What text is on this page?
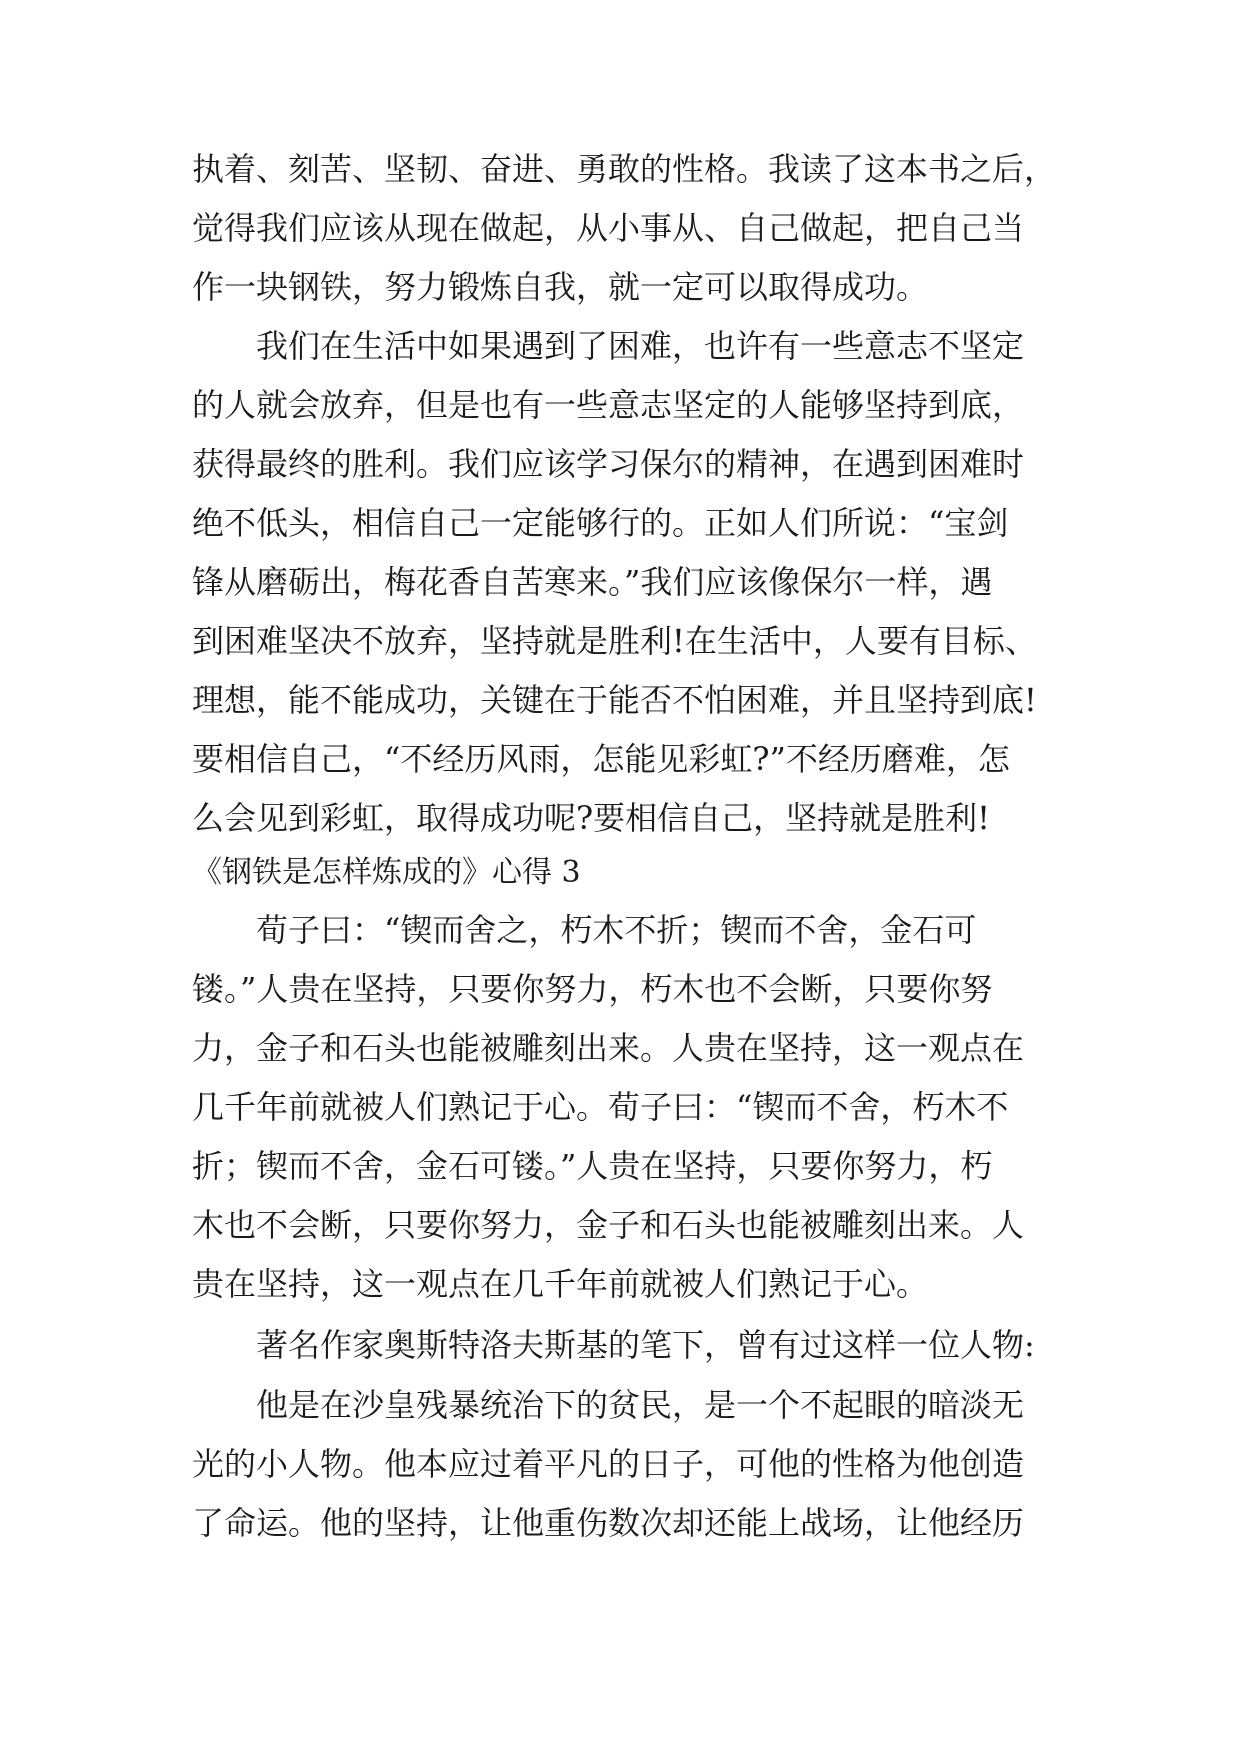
执着、刻苦、坚韧、奋进、勇敢的性格。我读了这本书之后，
觉得我们应该从现在做起，从小事从、自己做起，把自己当
作一块钢铁，努力锻炼自我，就一定可以取得成功。
　　我们在生活中如果遇到了困难，也许有一些意志不坚定
的人就会放弃，但是也有一些意志坚定的人能够坚持到底，
获得最终的胜利。我们应该学习保尔的精神，在遇到困难时
绝不低头，相信自己一定能够行的。正如人们所说：“宝剑
锋从磨砺出，梅花香自苦寒来。”我们应该像保尔一样，遇
到困难坚决不放弃，坚持就是胜利!在生活中，人要有目标、
理想，能不能成功，关键在于能否不怕困难，并且坚持到底!
要相信自己，“不经历风雨，怎能见彩虹?”不经历磨难，怎
么会见到彩虹，取得成功呢?要相信自己，坚持就是胜利!
《钢铁是怎样炼成的》心得 3
　　荀子曰：“锲而舍之，朽木不折；锲而不舍，金石可
镂。”人贵在坚持，只要你努力，朽木也不会断，只要你努
力，金子和石头也能被雕刻出来。人贵在坚持，这一观点在
几千年前就被人们熟记于心。荀子曰：“锲而不舍，朽木不
折；锲而不舍，金石可镂。”人贵在坚持，只要你努力，朽
木也不会断，只要你努力，金子和石头也能被雕刻出来。人
贵在坚持，这一观点在几千年前就被人们熟记于心。
　　著名作家奥斯特洛夫斯基的笔下，曾有过这样一位人物:
　　他是在沙皇残暴统治下的贫民，是一个不起眼的暗淡无
光的小人物。他本应过着平凡的日子，可他的性格为他创造
了命运。他的坚持，让他重伤数次却还能上战场，让他经历
